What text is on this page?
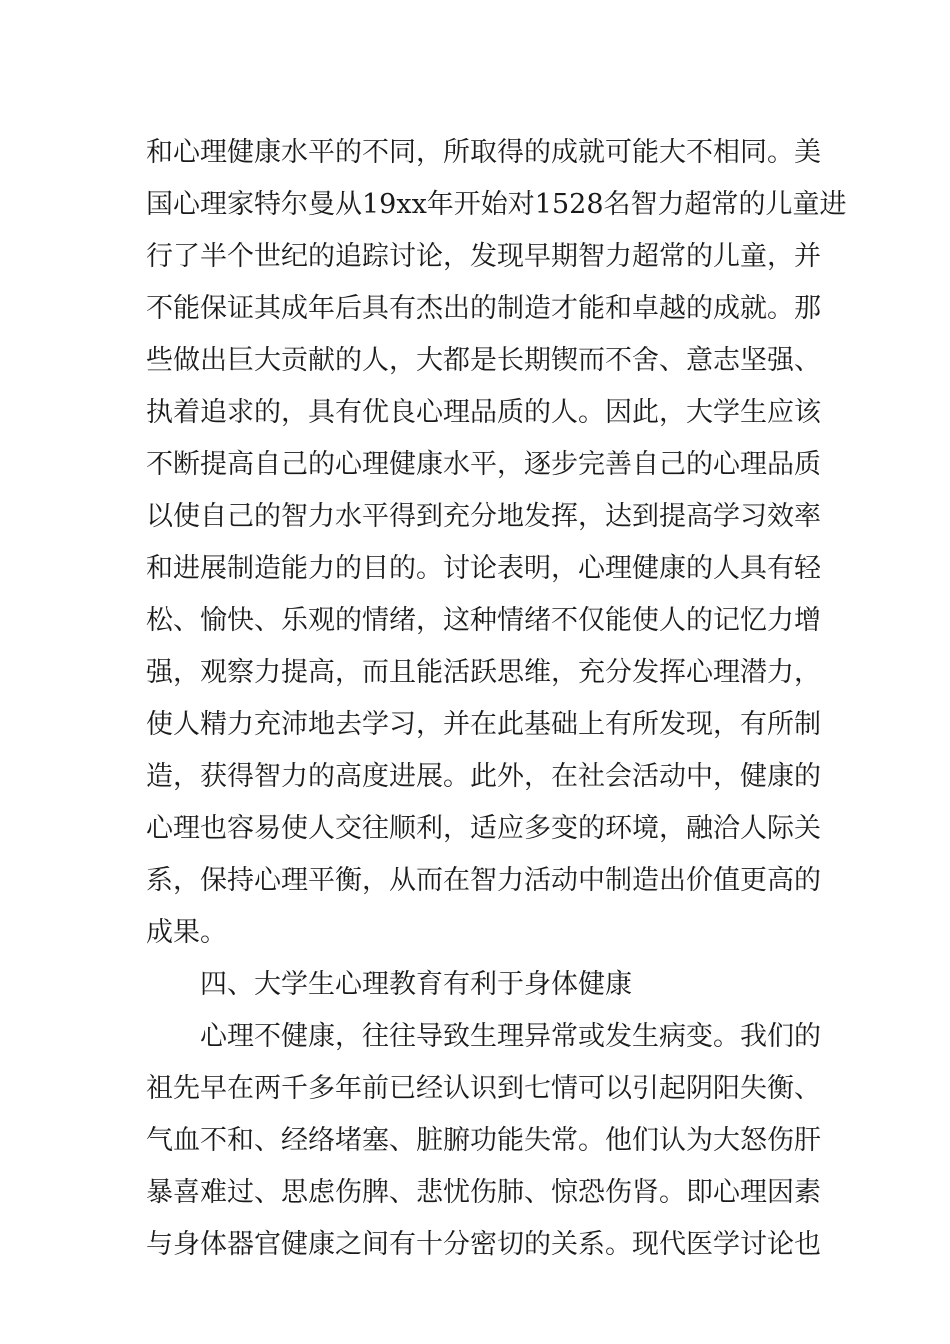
和心理健康水平的不同，所取得的成就可能大不相同。美
国心理家特尔曼从19xx年开始对1528名智力超常的儿童进
行了半个世纪的追踪讨论，发现早期智力超常的儿童，并
不能保证其成年后具有杰出的制造才能和卓越的成就。那
些做出巨大贡献的人，大都是长期锲而不舍、意志坚强、
执着追求的，具有优良心理品质的人。因此，大学生应该
不断提高自己的心理健康水平，逐步完善自己的心理品质
以使自己的智力水平得到充分地发挥，达到提高学习效率
和进展制造能力的目的。讨论表明，心理健康的人具有轻
松、愉快、乐观的情绪，这种情绪不仅能使人的记忆力增
强，观察力提高，而且能活跃思维，充分发挥心理潜力，
使人精力充沛地去学习，并在此基础上有所发现，有所制
造，获得智力的高度进展。此外，在社会活动中，健康的
心理也容易使人交往顺利，适应多变的环境，融洽人际关
系，保持心理平衡，从而在智力活动中制造出价值更高的
成果。
四、大学生心理教育有利于身体健康
心理不健康，往往导致生理异常或发生病变。我们的
祖先早在两千多年前已经认识到七情可以引起阴阳失衡、
气血不和、经络堵塞、脏腑功能失常。他们认为大怒伤肝
暴喜难过、思虑伤脾、悲忧伤肺、惊恐伤肾。即心理因素
与身体器官健康之间有十分密切的关系。现代医学讨论也
